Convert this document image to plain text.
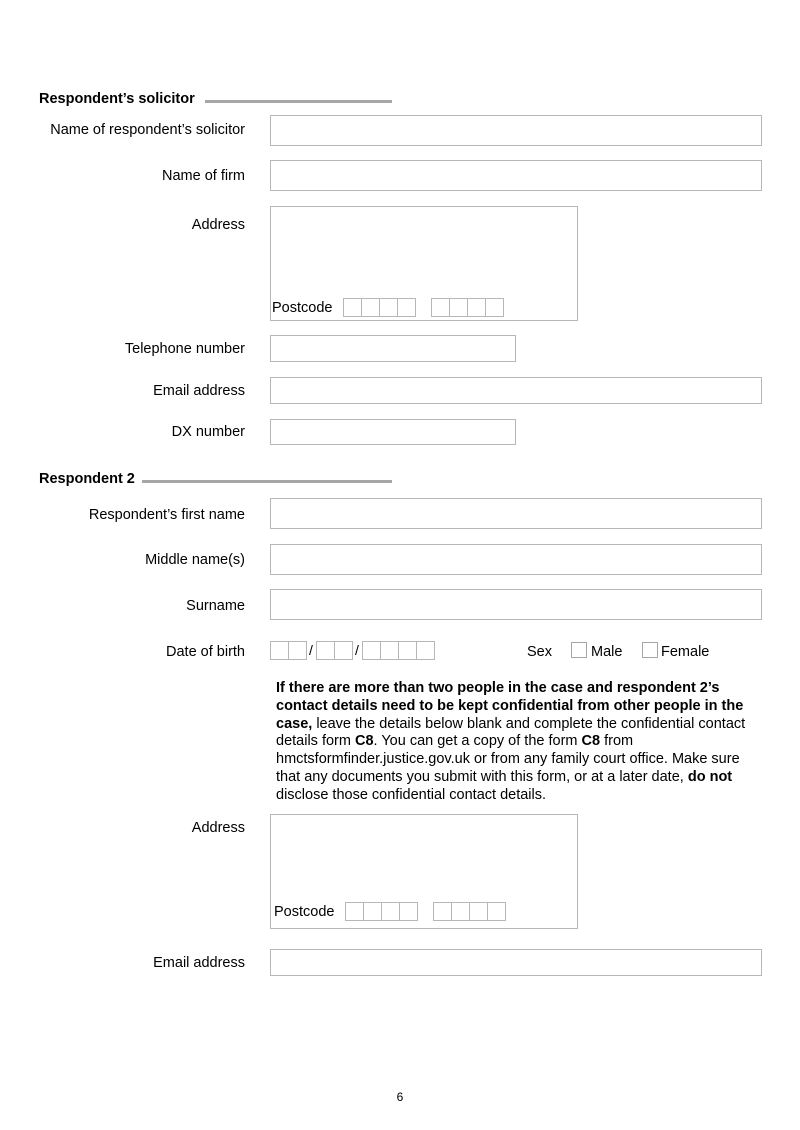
Respondent’s solicitor
Name of respondent’s solicitor
Name of firm
Address
Postcode
Telephone number
Email address
DX number
Respondent 2
Respondent’s first name
Middle name(s)
Surname
Date of birth	/	/	Sex	Male	Female
If there are more than two people in the case and respondent 2’s contact details need to be kept confidential from other people in the case, leave the details below blank and complete the confidential contact details form C8. You can get a copy of the form C8 from hmctsformfinder.justice.gov.uk or from any family court office. Make sure that any documents you submit with this form, or at a later date, do not disclose those confidential contact details.
Address
Postcode
Email address
6
